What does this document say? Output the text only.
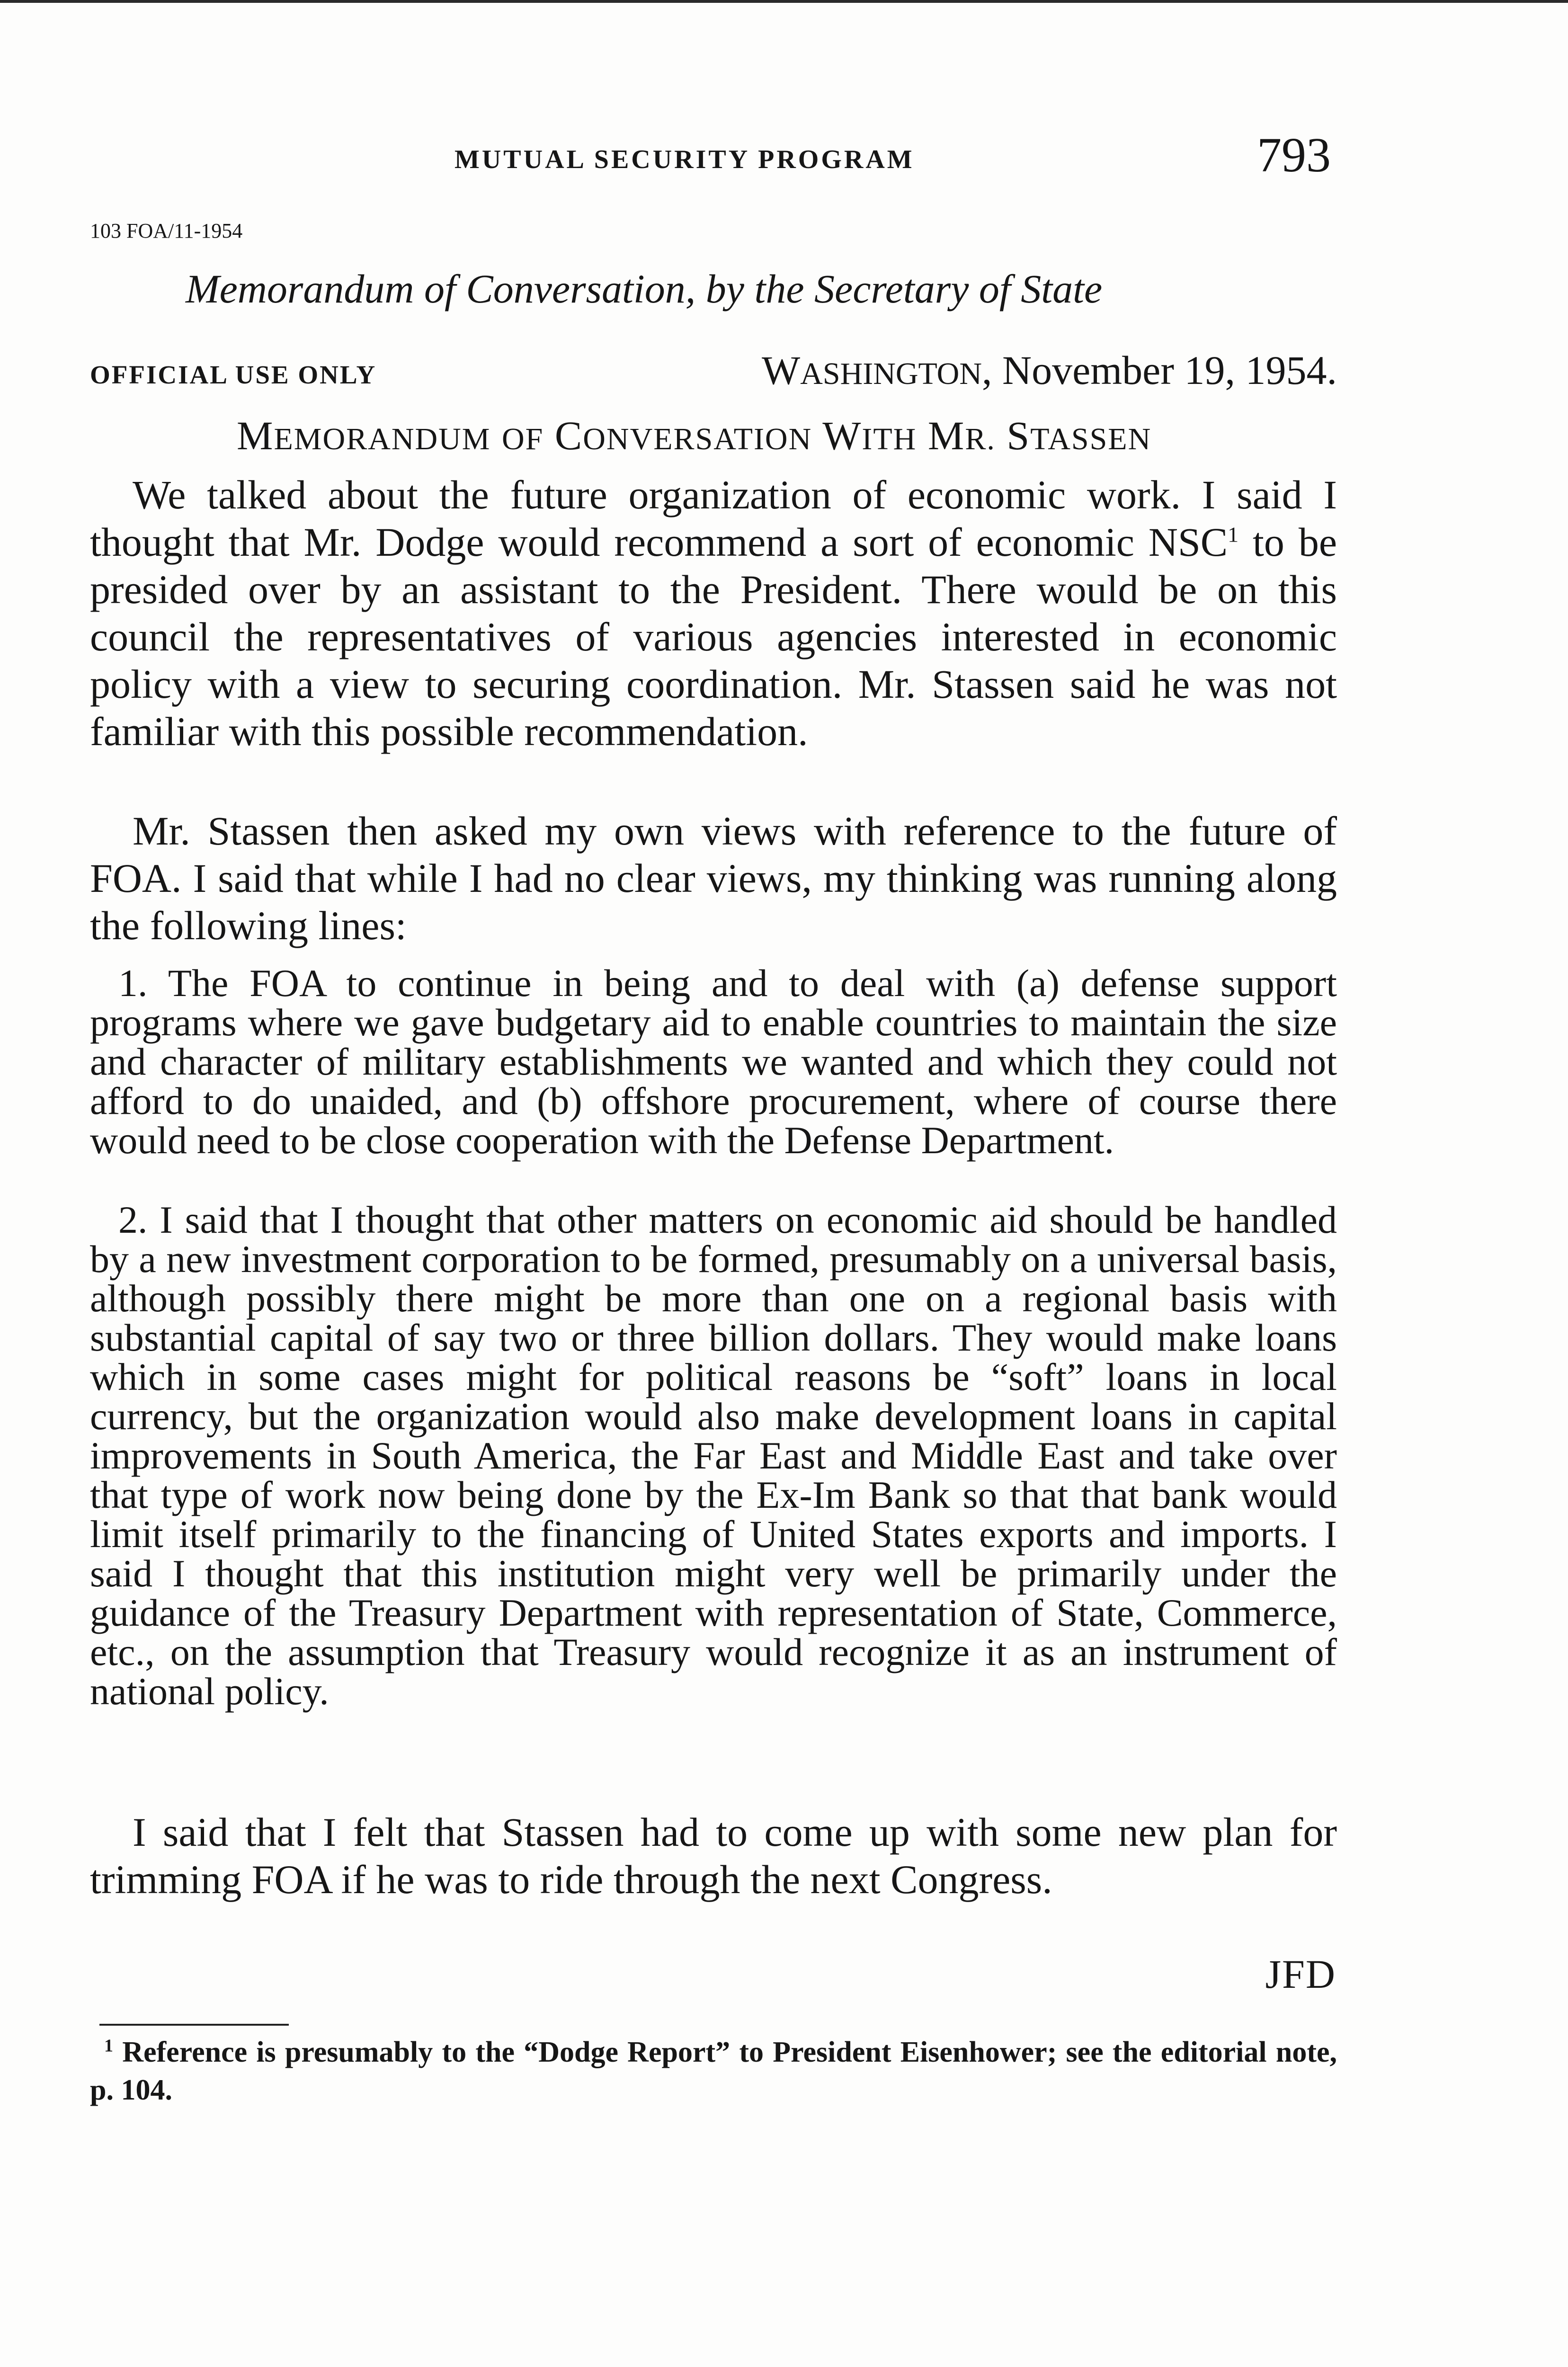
MUTUAL SECURITY PROGRAM	793
103 FOA/11-1954
Memorandum of Conversation, by the Secretary of State
OFFICIAL USE ONLY	WASHINGTON, November 19, 1954.
MEMORANDUM OF CONVERSATION WITH MR. STASSEN

We talked about the future organization of economic work. I said I thought that Mr. Dodge would recommend a sort of economic NSC$^1$ to be presided over by an assistant to the President. There would be on this council the representatives of various agencies interested in economic policy with a view to securing coordination. Mr. Stassen said he was not familiar with this possible recommendation.

Mr. Stassen then asked my own views with reference to the future of FOA. I said that while I had no clear views, my thinking was running along the following lines:

1. The FOA to continue in being and to deal with (a) defense support programs where we gave budgetary aid to enable countries to maintain the size and character of military establishments we wanted and which they could not afford to do unaided, and (b) offshore procurement, where of course there would need to be close cooperation with the Defense Department.

2. I said that I thought that other matters on economic aid should be handled by a new investment corporation to be formed, presumably on a universal basis, although possibly there might be more than one on a regional basis with substantial capital of say two or three billion dollars. They would make loans which in some cases might for political reasons be “soft” loans in local currency, but the organization would also make development loans in capital improvements in South America, the Far East and Middle East and take over that type of work now being done by the Ex-Im Bank so that that bank would limit itself primarily to the financing of United States exports and imports. I said I thought that this institution might very well be primarily under the guidance of the Treasury Department with representation of State, Commerce, etc., on the assumption that Treasury would recognize it as an instrument of national policy.

I said that I felt that Stassen had to come up with some new plan for trimming FOA if he was to ride through the next Congress.

JFD

$^1$ Reference is presumably to the “Dodge Report” to President Eisenhower; see the editorial note, p. 104.
